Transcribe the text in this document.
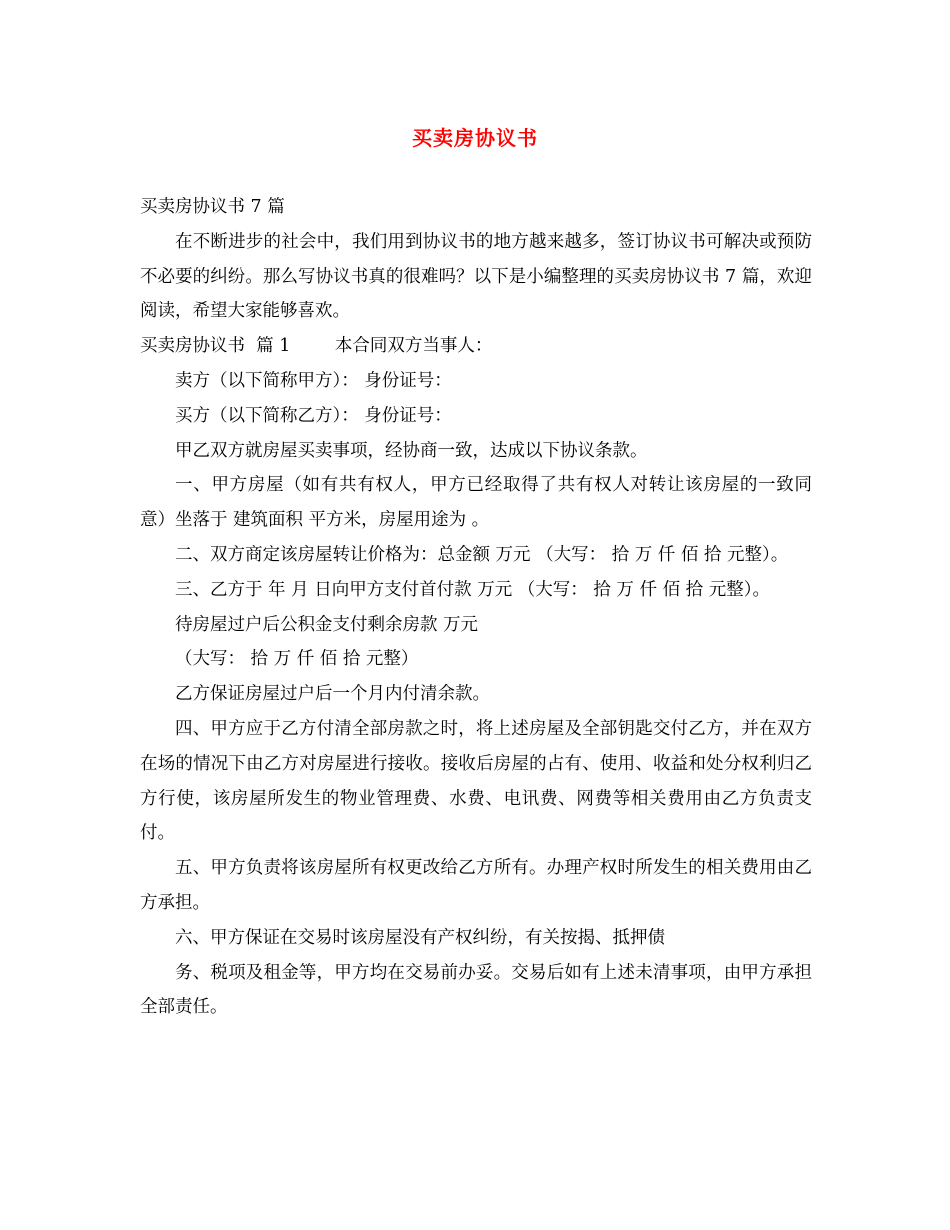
买卖房协议书

买卖房协议书 7 篇

在不断进步的社会中，我们用到协议书的地方越来越多，签订协议书可解决或预防不必要的纠纷。那么写协议书真的很难吗？以下是小编整理的买卖房协议书 7 篇，欢迎阅读，希望大家能够喜欢。

买卖房协议书  篇 1        本合同双方当事人：

卖方（以下简称甲方）： 身份证号：

买方（以下简称乙方）： 身份证号：

甲乙双方就房屋买卖事项，经协商一致，达成以下协议条款。

一、甲方房屋（如有共有权人，甲方已经取得了共有权人对转让该房屋的一致同意）坐落于 建筑面积 平方米，房屋用途为 。

二、双方商定该房屋转让价格为：总金额 万元 （大写： 拾 万 仟 佰 拾 元整）。

三、乙方于 年 月 日向甲方支付首付款 万元 （大写： 拾 万 仟 佰 拾 元整）。

待房屋过户后公积金支付剩余房款 万元

（大写： 拾 万 仟 佰 拾 元整）

乙方保证房屋过户后一个月内付清余款。

四、甲方应于乙方付清全部房款之时，将上述房屋及全部钥匙交付乙方，并在双方在场的情况下由乙方对房屋进行接收。接收后房屋的占有、使用、收益和处分权利归乙方行使，该房屋所发生的物业管理费、水费、电讯费、网费等相关费用由乙方负责支付。

五、甲方负责将该房屋所有权更改给乙方所有。办理产权时所发生的相关费用由乙方承担。

六、甲方保证在交易时该房屋没有产权纠纷，有关按揭、抵押债

务、税项及租金等，甲方均在交易前办妥。交易后如有上述未清事项，由甲方承担全部责任。
